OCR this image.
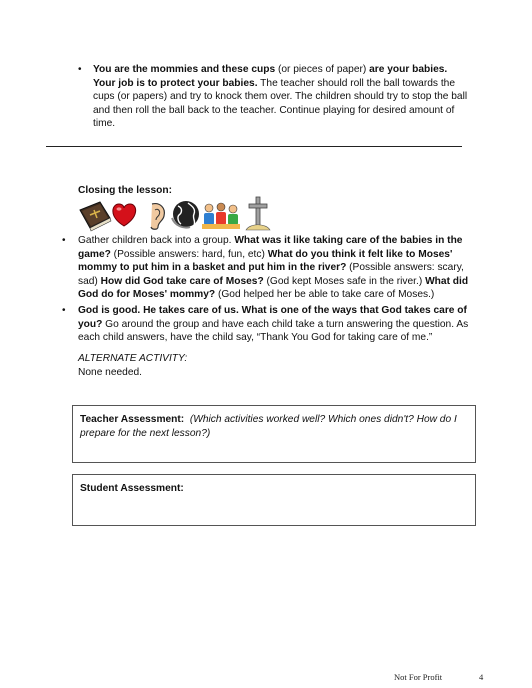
• You are the mommies and these cups (or pieces of paper) are your babies. Your job is to protect your babies. The teacher should roll the ball towards the cups (or papers) and try to knock them over. The children should try to stop the ball and then roll the ball back to the teacher. Continue playing for desired amount of time.
Closing the lesson:
• Gather children back into a group. What was it like taking care of the babies in the game? (Possible answers: hard, fun, etc) What do you think it felt like to Moses' mommy to put him in a basket and put him in the river? (Possible answers: scary, sad) How did God take care of Moses? (God kept Moses safe in the river.) What did God do for Moses' mommy? (God helped her be able to take care of Moses.)
• God is good. He takes care of us. What is one of the ways that God takes care of you? Go around the group and have each child take a turn answering the question. As each child answers, have the child say, “Thank You God for taking care of me.”
ALTERNATE ACTIVITY:
None needed.
Teacher Assessment: (Which activities worked well? Which ones didn't? How do I prepare for the next lesson?)
Student Assessment:
Not For Profit	4
